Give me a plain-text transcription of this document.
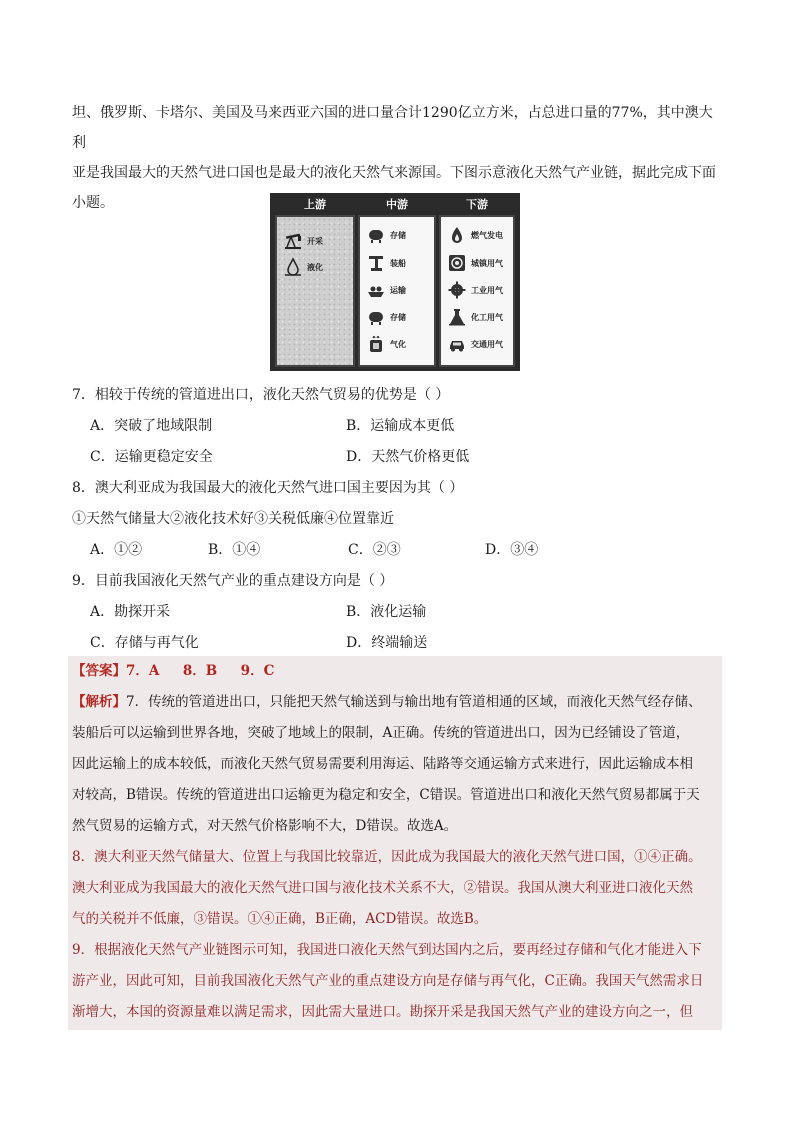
坦、俄罗斯、卡塔尔、美国及马来西亚六国的进口量合计1290亿立方米，占总进口量的77%，其中澳大利

亚是我国最大的天然气进口国也是最大的液化天然气来源国。下图示意液化天然气产业链，据此完成下面

小题。	上游	中游	下游
开采
液化
存储
装船
运输
存储
气化
燃气发电
城镇用气
工业用气
化工用气
交通用气
7．相较于传统的管道进出口，液化天然气贸易的优势是（ ）
A．突破了地域限制	B．运输成本更低
C．运输更稳定安全	D．天然气价格更低
8．澳大利亚成为我国最大的液化天然气进口国主要因为其（ ）
①天然气储量大②液化技术好③关税低廉④位置靠近
A．①②	B．①④	C．②③	D．③④
9．目前我国液化天然气产业的重点建设方向是（ ）
A．勘探开采	B．液化运输
C．存储与再气化	D．终端输送

【答案】7．A     8．B     9．C

【解析】7．传统的管道进出口，只能把天然气输送到与输出地有管道相通的区域，而液化天然气经存储、

装船后可以运输到世界各地，突破了地域上的限制，A正确。传统的管道进出口，因为已经铺设了管道，

因此运输上的成本较低，而液化天然气贸易需要利用海运、陆路等交通运输方式来进行，因此运输成本相

对较高，B错误。传统的管道进出口运输更为稳定和安全，C错误。管道进出口和液化天然气贸易都属于天

然气贸易的运输方式，对天然气价格影响不大，D错误。故选A。

8．澳大利亚天然气储量大、位置上与我国比较靠近，因此成为我国最大的液化天然气进口国，①④正确。

澳大利亚成为我国最大的液化天然气进口国与液化技术关系不大，②错误。我国从澳大利亚进口液化天然

气的关税并不低廉，③错误。①④正确，B正确，ACD错误。故选B。

9．根据液化天然气产业链图示可知，我国进口液化天然气到达国内之后，要再经过存储和气化才能进入下

游产业，因此可知，目前我国液化天然气产业的重点建设方向是存储与再气化，C正确。我国天气然需求日

渐增大，本国的资源量难以满足需求，因此需大量进口。勘探开采是我国天然气产业的建设方向之一，但
